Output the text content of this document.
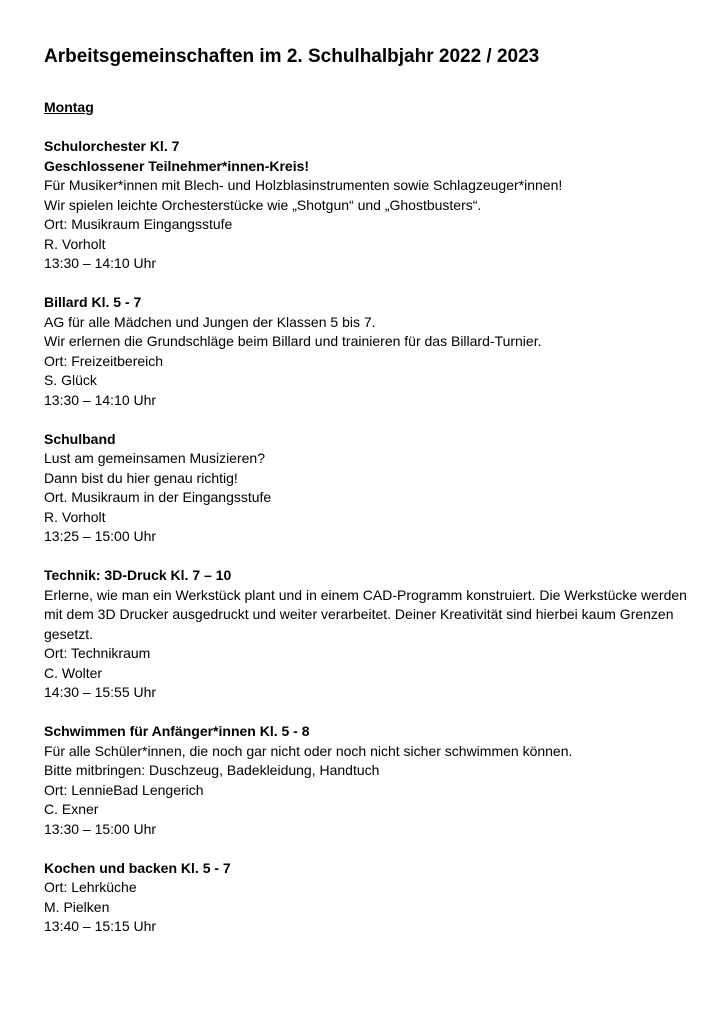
Arbeitsgemeinschaften im 2. Schulhalbjahr 2022 / 2023
Montag
Schulorchester Kl. 7
Geschlossener Teilnehmer*innen-Kreis!
Für Musiker*innen mit Blech- und Holzblasinstrumenten sowie Schlagzeuger*innen!
Wir spielen leichte Orchesterstücke wie „Shotgun“ und „Ghostbusters“.
Ort: Musikraum Eingangsstufe
R. Vorholt
13:30 – 14:10 Uhr
Billard Kl. 5 - 7
AG für alle Mädchen und Jungen der Klassen 5 bis 7.
Wir erlernen die Grundschläge beim Billard und trainieren für das Billard-Turnier.
Ort: Freizeitbereich
S. Glück
13:30 – 14:10 Uhr
Schulband
Lust am gemeinsamen Musizieren?
Dann bist du hier genau richtig!
Ort. Musikraum in der Eingangsstufe
R. Vorholt
13:25 – 15:00 Uhr
Technik: 3D-Druck Kl. 7 – 10
Erlerne, wie man ein Werkstück plant und in einem CAD-Programm konstruiert. Die Werkstücke werden mit dem 3D Drucker ausgedruckt und weiter verarbeitet. Deiner Kreativität sind hierbei kaum Grenzen gesetzt.
Ort: Technikraum
C. Wolter
14:30 – 15:55 Uhr
Schwimmen für Anfänger*innen Kl. 5 - 8
Für alle Schüler*innen, die noch gar nicht oder noch nicht sicher schwimmen können.
Bitte mitbringen: Duschzeug, Badekleidung, Handtuch
Ort: LennieBad Lengerich
C. Exner
13:30 – 15:00 Uhr
Kochen und backen Kl. 5 - 7
Ort: Lehrküche
M. Pielken
13:40 – 15:15 Uhr
